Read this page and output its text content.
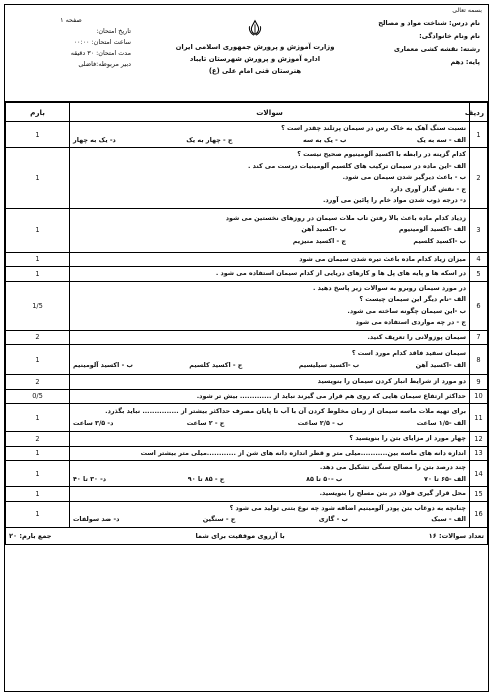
بسمه تعالی
نام درس: شناخت مواد و مصالح
نام ونام خانوادگی:
رشته: نقشه کشی معماری
پایه: دهم
وزارت آموزش و پرورش جمهوری اسلامی ایران
اداره آموزش و پرورش شهرستان تایباد
هنرستان فنی امام علی (ع)
صفحه ۱
تاریخ امتحان:
ساعت امتحان: ۰۰:۰۰
مدت امتحان: ۳۰ دقیقه
دبیر مربوطه:فاضلی
ردیف	سوالات	بارم
1	نسبت سنگ آهک به خاک رس در سیمان پرتلند چقدر است ؟
الف - سه به یک
ب - یک به سه
ج - چهار به یک
د- یک به چهار	1
2	کدام گزینه در رابطه با اکسید آلومینیوم صحیح نیست ؟
الف -این ماده در سیمان ترکیب های کلسیم آلومینیات درست می کند .
ب - باعث دیرگیر شدن سیمان می شود.
ج - نقش گداز آوری دارد
د- درجه ذوب شدن مواد خام را پائین می آورد.	1
3	زدیاد کدام ماده باعث بالا رفتن تاب ملات سیمان در روزهای نخستین می شود
الف -اکسید آلومینیوم
ب -اکسید آهن
ب -اکسید کلسیم
ج - اکسید منیزیم	1
4	میزان زیاد کدام ماده باعث تیره شدن سیمان می شود	1
5	در اسکه ها و پایه های پل ها و کارهای دریایی از کدام سیمان استفاده می شود .	1
6	در مورد سیمان روبرو به سوالات زیر پاسخ دهید .
الف -نام دیگر این سیمان چیست ؟
ب -این سیمان چگونه ساخته می شود.
ج - در چه مواردی استفاده می شود	1/5
7	سیمان پوزولانی را تعریف کنید.	2
8	سیمان سفید فاقد کدام مورد است ؟
الف -اکسید آهن
ب -اکسید سیلیسیم
ج - اکسید کلسیم
ب - اکسید آلومینیم	1
9	دو مورد از شرایط انبار کردن سیمان را بنویسید	2
10	حداکثر ارتفاع سیمان هایی که روی هم قرار می گیرند نباید از ............. بیش تر شود.	0/5
11	برای تهیه ملات ماسه سیمان از زمان مخلوط کردن آن با آب تا پایان مصرف حداکثر بیشتر از ............... نباید بگذرد.
الف -۱/۵ ساعت
ب - ۲/۵ ساعت
ج - ۲ ساعت
د- ۳/۵ ساعت	1
12	چهار مورد از مزایای بتن را بنویسید ؟	2
13	اندازه دانه های ماسه بین...........میلی متر و قطر اندازه دانه های شن از ............میلی متر بیشتر است	1
14	چند درصد بتن را مصالح سنگی تشکیل می دهد.
الف -۶۵ تا ۷۰
ب -۵۰ تا ۸۵
ج - ۸۵ تا ۹۰
د- ۳۰ تا ۴۰	1
15	محل قرار گیری فولاد در بتن مسلح را بنویسید.	1
16	چنانچه به دوغاب بتن پودر آلومینیم اضافه شود چه نوع بتنی تولید می شود ؟
الف - سبک
ب - گازی
ج - سنگین
د- ضد سولفات	1

تعداد سوالات: ۱۶
با آرزوی موفقیت برای شما
جمع بارم: ۲۰		
